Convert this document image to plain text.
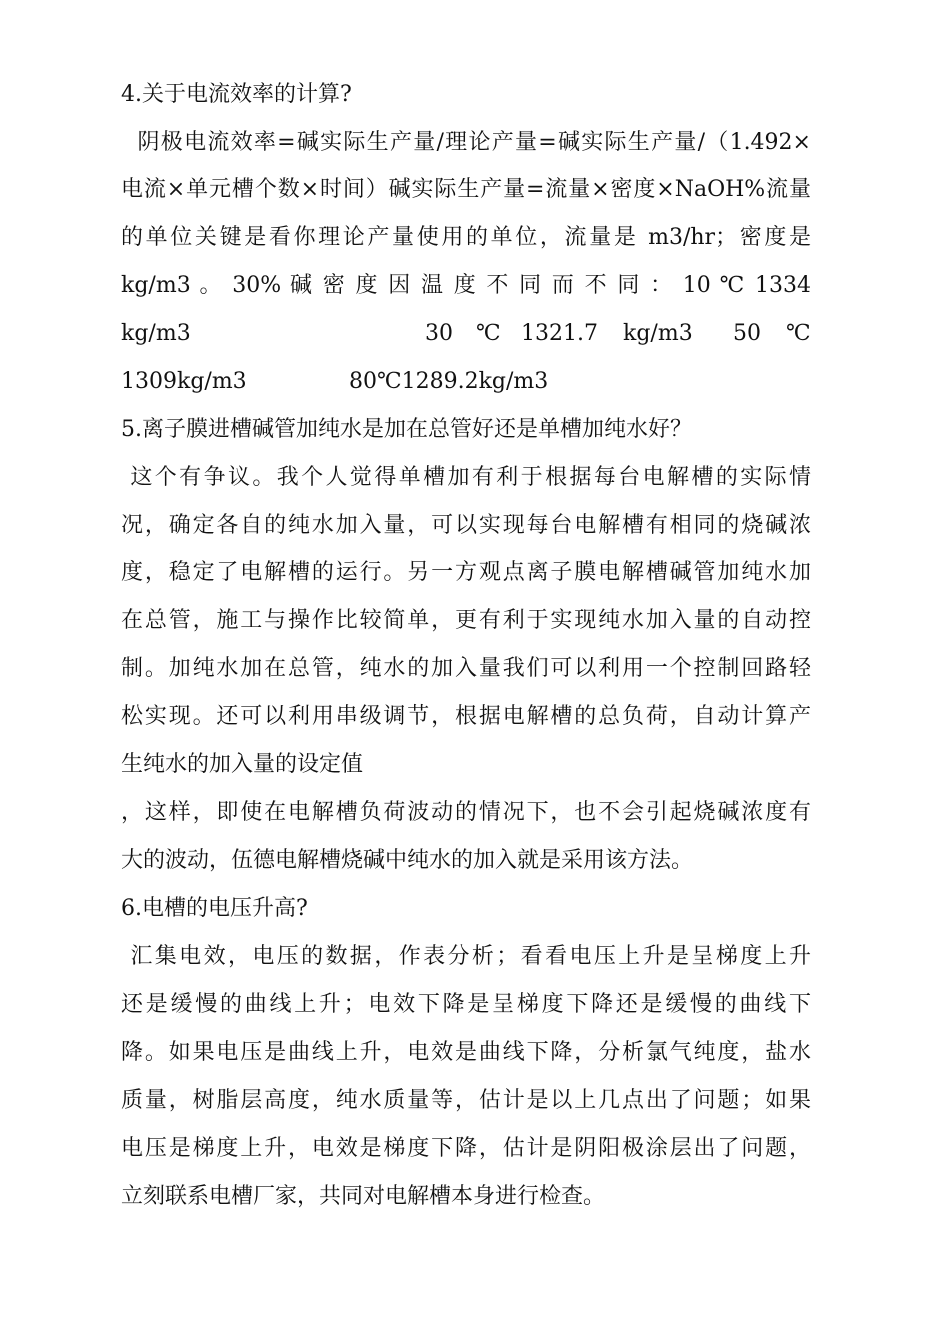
4.关于电流效率的计算?
阴极电流效率=碱实际生产量/理论产量=碱实际生产量/（1.492×
电流×单元槽个数×时间）碱实际生产量=流量×密度×NaOH%流量
的单位关键是看你理论产量使用的单位，流量是 m3/hr；密度是
kg/m3 。 30% 碱 密 度 因 温 度 不 同 而 不 同 ： 10 ℃ 1334
kg/m3	30 ℃ 1321.7 kg/m3 50 ℃
1309kg/m3	80℃1289.2kg/m3
5.离子膜进槽碱管加纯水是加在总管好还是单槽加纯水好？
这个有争议。我个人觉得单槽加有利于根据每台电解槽的实际情
况，确定各自的纯水加入量，可以实现每台电解槽有相同的烧碱浓
度，稳定了电解槽的运行。另一方观点离子膜电解槽碱管加纯水加
在总管，施工与操作比较简单，更有利于实现纯水加入量的自动控
制。加纯水加在总管，纯水的加入量我们可以利用一个控制回路轻
松实现。还可以利用串级调节，根据电解槽的总负荷，自动计算产
生纯水的加入量的设定值
，这样，即使在电解槽负荷波动的情况下，也不会引起烧碱浓度有
大的波动，伍德电解槽烧碱中纯水的加入就是采用该方法。
6.电槽的电压升高?
汇集电效，电压的数据，作表分析；看看电压上升是呈梯度上升
还是缓慢的曲线上升；电效下降是呈梯度下降还是缓慢的曲线下
降。如果电压是曲线上升，电效是曲线下降，分析氯气纯度，盐水
质量，树脂层高度，纯水质量等，估计是以上几点出了问题；如果
电压是梯度上升，电效是梯度下降，估计是阴阳极涂层出了问题，
立刻联系电槽厂家，共同对电解槽本身进行检查。
